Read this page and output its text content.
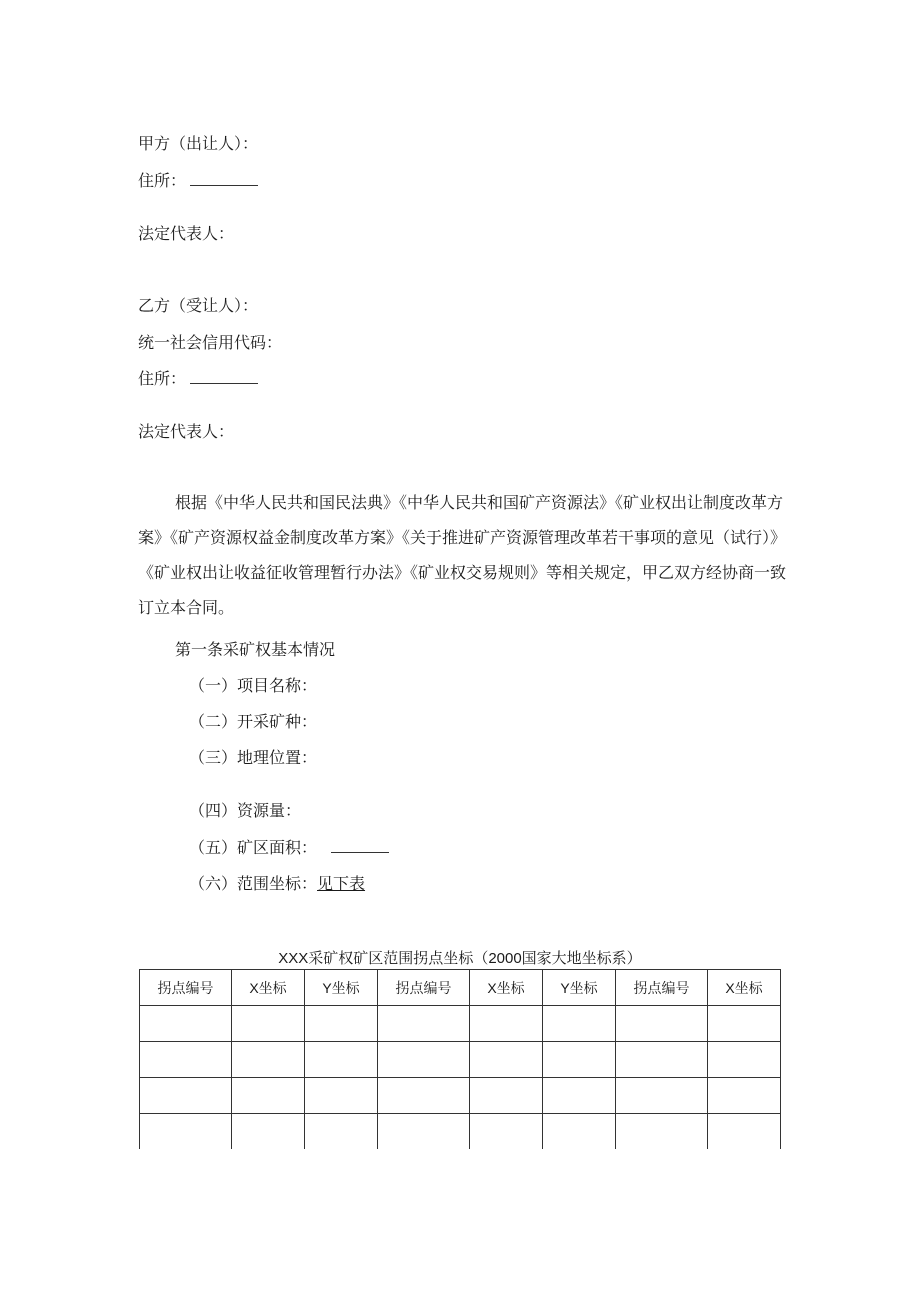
甲方（出让人）：
住所：
法定代表人：
乙方（受让人）：
统一社会信用代码：
住所：
法定代表人：
根据《中华人民共和国民法典》《中华人民共和国矿产资源法》《矿业权出让制度改革方案》《矿产资源权益金制度改革方案》《关于推进矿产资源管理改革若干事项的意见（试行）》《矿业权出让收益征收管理暂行办法》《矿业权交易规则》等相关规定，甲乙双方经协商一致订立本合同。
第一条采矿权基本情况
（一）项目名称：
（二）开采矿种：
（三）地理位置：
（四）资源量：
（五）矿区面积：
（六）范围坐标：见下表
XXX采矿权矿区范围拐点坐标（2000国家大地坐标系）
拐点编号	X坐标	Y坐标	拐点编号	X坐标	Y坐标	拐点编号	X坐标
